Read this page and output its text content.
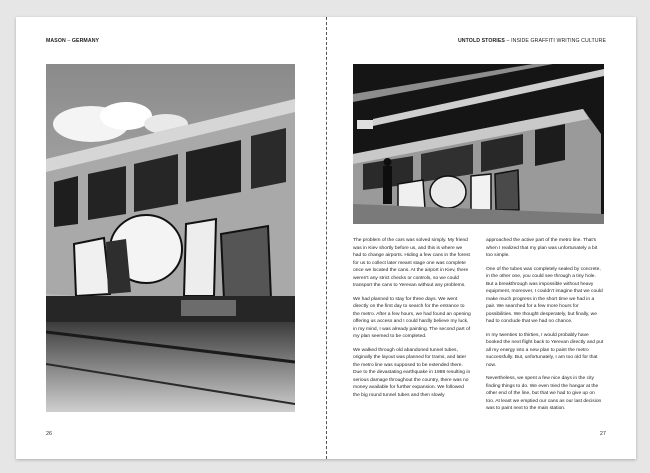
MASON – GERMANY
26
UNTOLD STORIES – INSIDE GRAFFITI WRITING CULTURE

The problem of the cars was solved simply. My friend was in Kiev shortly before us, and this is where we had to change airports. Hiding a few cans in the forest for us to collect later meant stage one was complete once we located the cans. At the airport in Kiev, there weren't any strict checks or controls, so we could transport the cans to Yerevan without any problems.

We had planned to stay for three days. We went directly on the first day to search for the entrance to the metro. After a few hours, we had found an opening offering us access and I could hardly believe my luck, in my mind, I was already painting. The second part of my plan seemed to be completed.

We walked through old abandoned tunnel tubes, originally the layout was planned for trams, and later the metro line was supposed to be extended there. Due to the devastating earthquake in 1988 resulting in serious damage throughout the country, there was no money available for further expansion. We followed the big round tunnel tubes and then slowly

approached the active part of the metro line. That's when I realized that my plan was unfortunately a bit too simple.

One of the tubes was completely sealed by concrete, in the other one, you could see through a tiny hole. But a breakthrough was impossible without heavy equipment, moreover, I couldn't imagine that we could make much progress in the short time we had in a pair. We searched for a few more hours for possibilities. We thought desperately, but finally, we had to conclude that we had no chance.

In my twenties to thirties, I would probably have booked the next flight back to Yerevan directly and put all my energy into a new plan to paint the metro successfully. But, unfortunately, I am too old for that now.

Nevertheless, we spent a few nice days in the city finding things to do. We even tried the hangar at the other end of the line, but that we had to give up on too. At least we emptied our cans as our last decision was to paint next to the main station.

27
